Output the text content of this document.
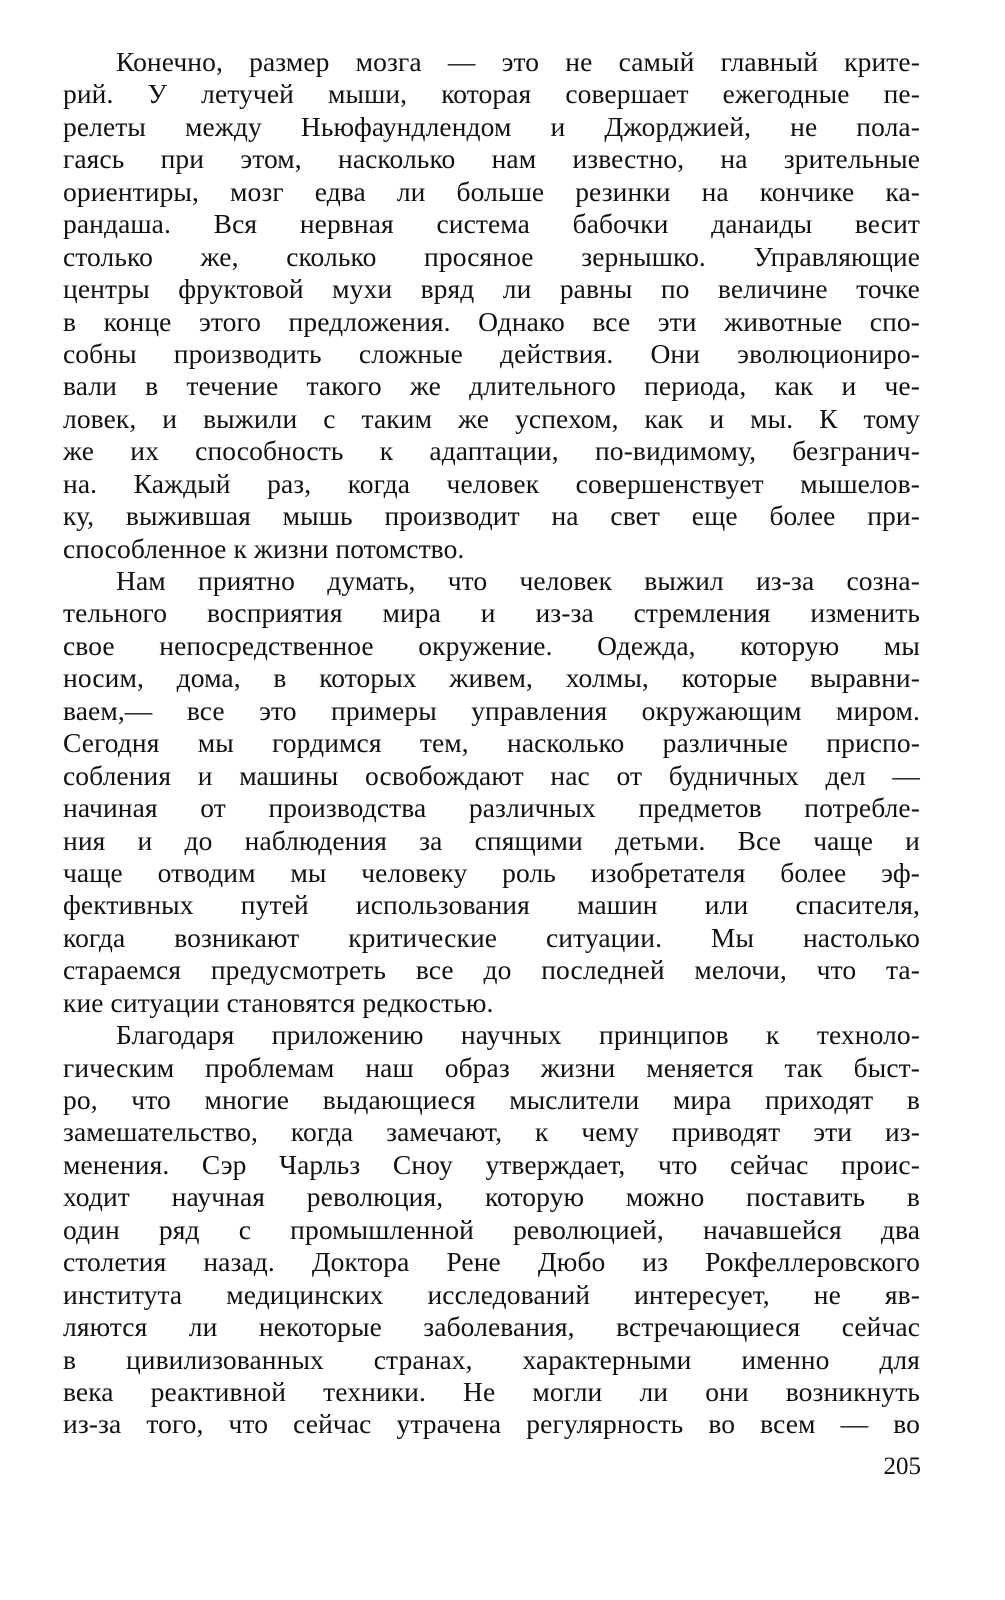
Конечно, размер мозга — это не самый главный крите-
рий. У летучей мыши, которая совершает ежегодные пе-
релеты между Ньюфаундлендом и Джорджией, не пола-
гаясь при этом, насколько нам известно, на зрительные
ориентиры, мозг едва ли больше резинки на кончике ка-
рандаша. Вся нервная система бабочки данаиды весит
столько же, сколько просяное зернышко. Управляющие
центры фруктовой мухи вряд ли равны по величине точке
в конце этого предложения. Однако все эти животные спо-
собны производить сложные действия. Они эволюциониро-
вали в течение такого же длительного периода, как и че-
ловек, и выжили с таким же успехом, как и мы. К тому
же их способность к адаптации, по-видимому, безгранич-
на. Каждый раз, когда человек совершенствует мышелов-
ку, выжившая мышь производит на свет еще более при-
способленное к жизни потомство.

Нам приятно думать, что человек выжил из-за созна-
тельного восприятия мира и из-за стремления изменить
свое непосредственное окружение. Одежда, которую мы
носим, дома, в которых живем, холмы, которые выравни-
ваем,— все это примеры управления окружающим миром.
Сегодня мы гордимся тем, насколько различные приспо-
собления и машины освобождают нас от будничных дел —
начиная от производства различных предметов потребле-
ния и до наблюдения за спящими детьми. Все чаще и
чаще отводим мы человеку роль изобретателя более эф-
фективных путей использования машин или спасителя,
когда возникают критические ситуации. Мы настолько
стараемся предусмотреть все до последней мелочи, что та-
кие ситуации становятся редкостью.

Благодаря приложению научных принципов к техноло-
гическим проблемам наш образ жизни меняется так быст-
ро, что многие выдающиеся мыслители мира приходят в
замешательство, когда замечают, к чему приводят эти из-
менения. Сэр Чарльз Сноу утверждает, что сейчас проис-
ходит научная революция, которую можно поставить в
один ряд с промышленной революцией, начавшейся два
столетия назад. Доктора Рене Дюбо из Рокфеллеровского
института медицинских исследований интересует, не яв-
ляются ли некоторые заболевания, встречающиеся сейчас
в цивилизованных странах, характерными именно для
века реактивной техники. Не могли ли они возникнуть
из-за того, что сейчас утрачена регулярность во всем — во

205
